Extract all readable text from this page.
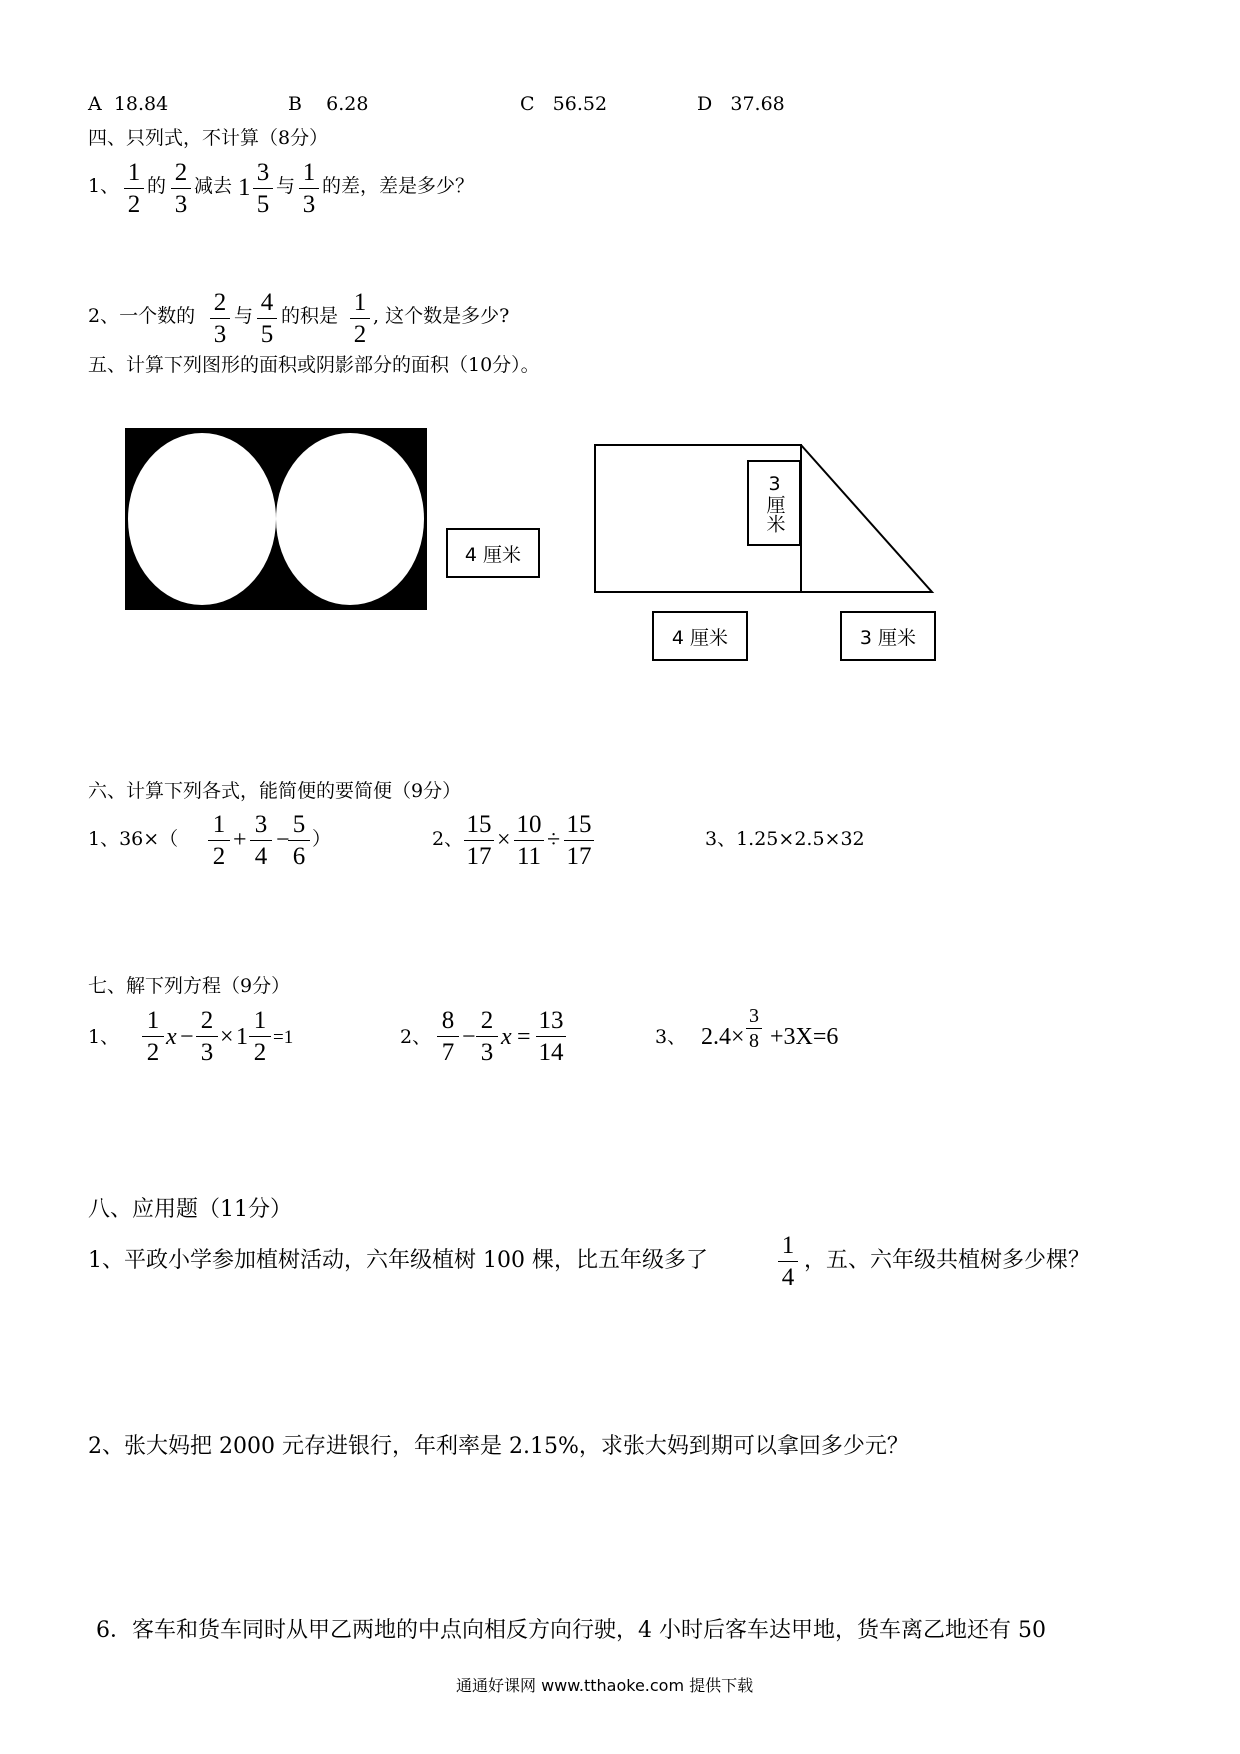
A 18.84	B 6.28	C 56.52	D 37.68
四、只列式，不计算（8分）
1、 1
2
的 2
3
减去 1
3
5
与 1
3
的差，差是多少？
2、一个数的 2
3
与 4
5
的积是 1
2
, 这个数是多少?
五、计算下列图形的面积或阴影部分的面积（10分）。
4 厘米
3厘米
4 厘米	3 厘米
六、计算下列各式，能简便的要简便（9分）
1、36×（
1
2
+
3
4
−
5
6
）	2、
15
17
×
10
11
÷
15
17
3、1.25×2.5×32
七、解下列方程（9分）
1、
1
2
x −
2
3
× 1
1
2
=1	2、
8
7
−
2
3
x =
13
14
3、 2.4×
3
8 +3X=6
八、应用题（11分）
1、平政小学参加植树活动，六年级植树 100 棵，比五年级多了
1
4
，五、六年级共植树多少棵？
2、张大妈把 2000 元存进银行，年利率是 2.15%，求张大妈到期可以拿回多少元？
6．客车和货车同时从甲乙两地的中点向相反方向行驶，4 小时后客车达甲地，货车离乙地还有 50
通通好课网 www.tthaoke.com 提供下载
